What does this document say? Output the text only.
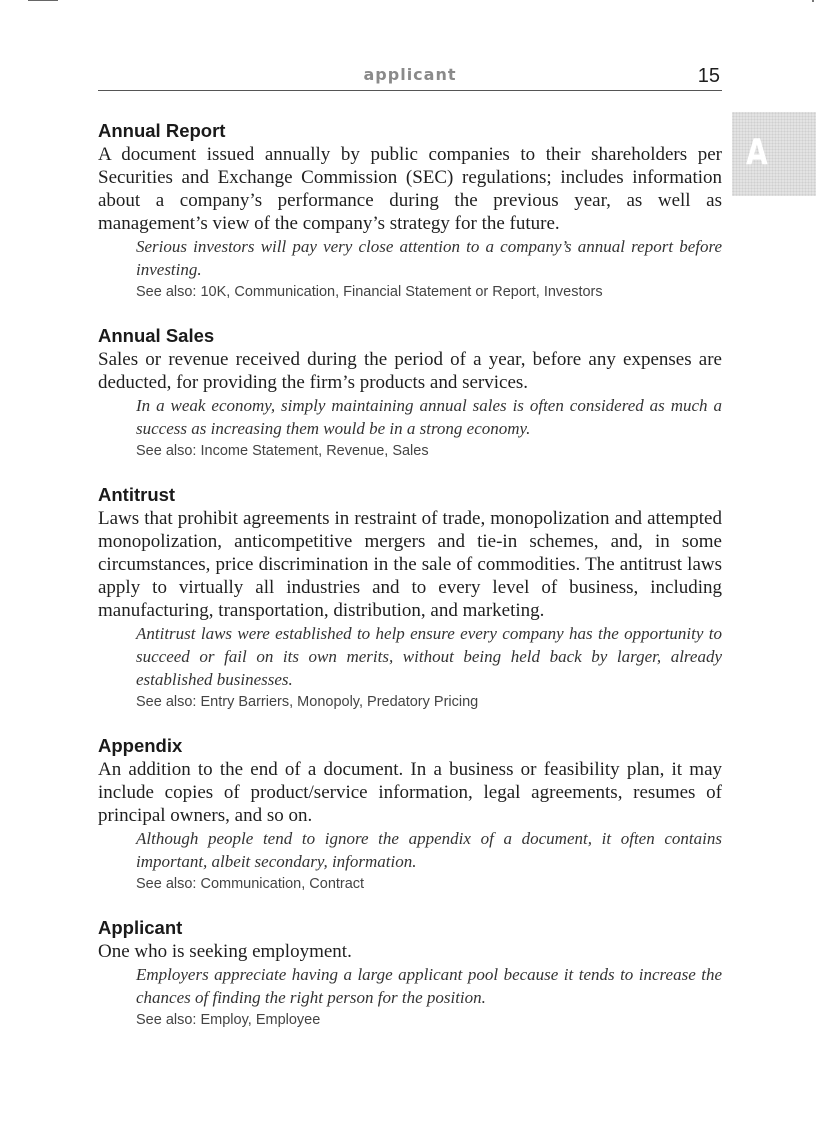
applicant	15
A
Annual Report

A document issued annually by public companies to their shareholders per Securities and Exchange Commission (SEC) regulations; includes information about a company’s performance during the previous year, as well as management’s view of the company’s strategy for the future.

Serious investors will pay very close attention to a company’s annual report before investing.

See also: 10K, Communication, Financial Statement or Report, Investors
Annual Sales

Sales or revenue received during the period of a year, before any expenses are deducted, for providing the firm’s products and services.

In a weak economy, simply maintaining annual sales is often considered as much a success as increasing them would be in a strong economy.

See also: Income Statement, Revenue, Sales
Antitrust

Laws that prohibit agreements in restraint of trade, monopolization and attempted monopolization, anticompetitive mergers and tie-in schemes, and, in some circumstances, price discrimination in the sale of commodities. The antitrust laws apply to virtually all industries and to every level of business, including manufacturing, transportation, distribution, and marketing.

Antitrust laws were established to help ensure every company has the opportunity to succeed or fail on its own merits, without being held back by larger, already established businesses.

See also: Entry Barriers, Monopoly, Predatory Pricing
Appendix

An addition to the end of a document. In a business or feasibility plan, it may include copies of product/service information, legal agreements, resumes of principal owners, and so on.

Although people tend to ignore the appendix of a document, it often contains important, albeit secondary, information.

See also: Communication, Contract
Applicant

One who is seeking employment.

Employers appreciate having a large applicant pool because it tends to increase the chances of finding the right person for the position.

See also: Employ, Employee
